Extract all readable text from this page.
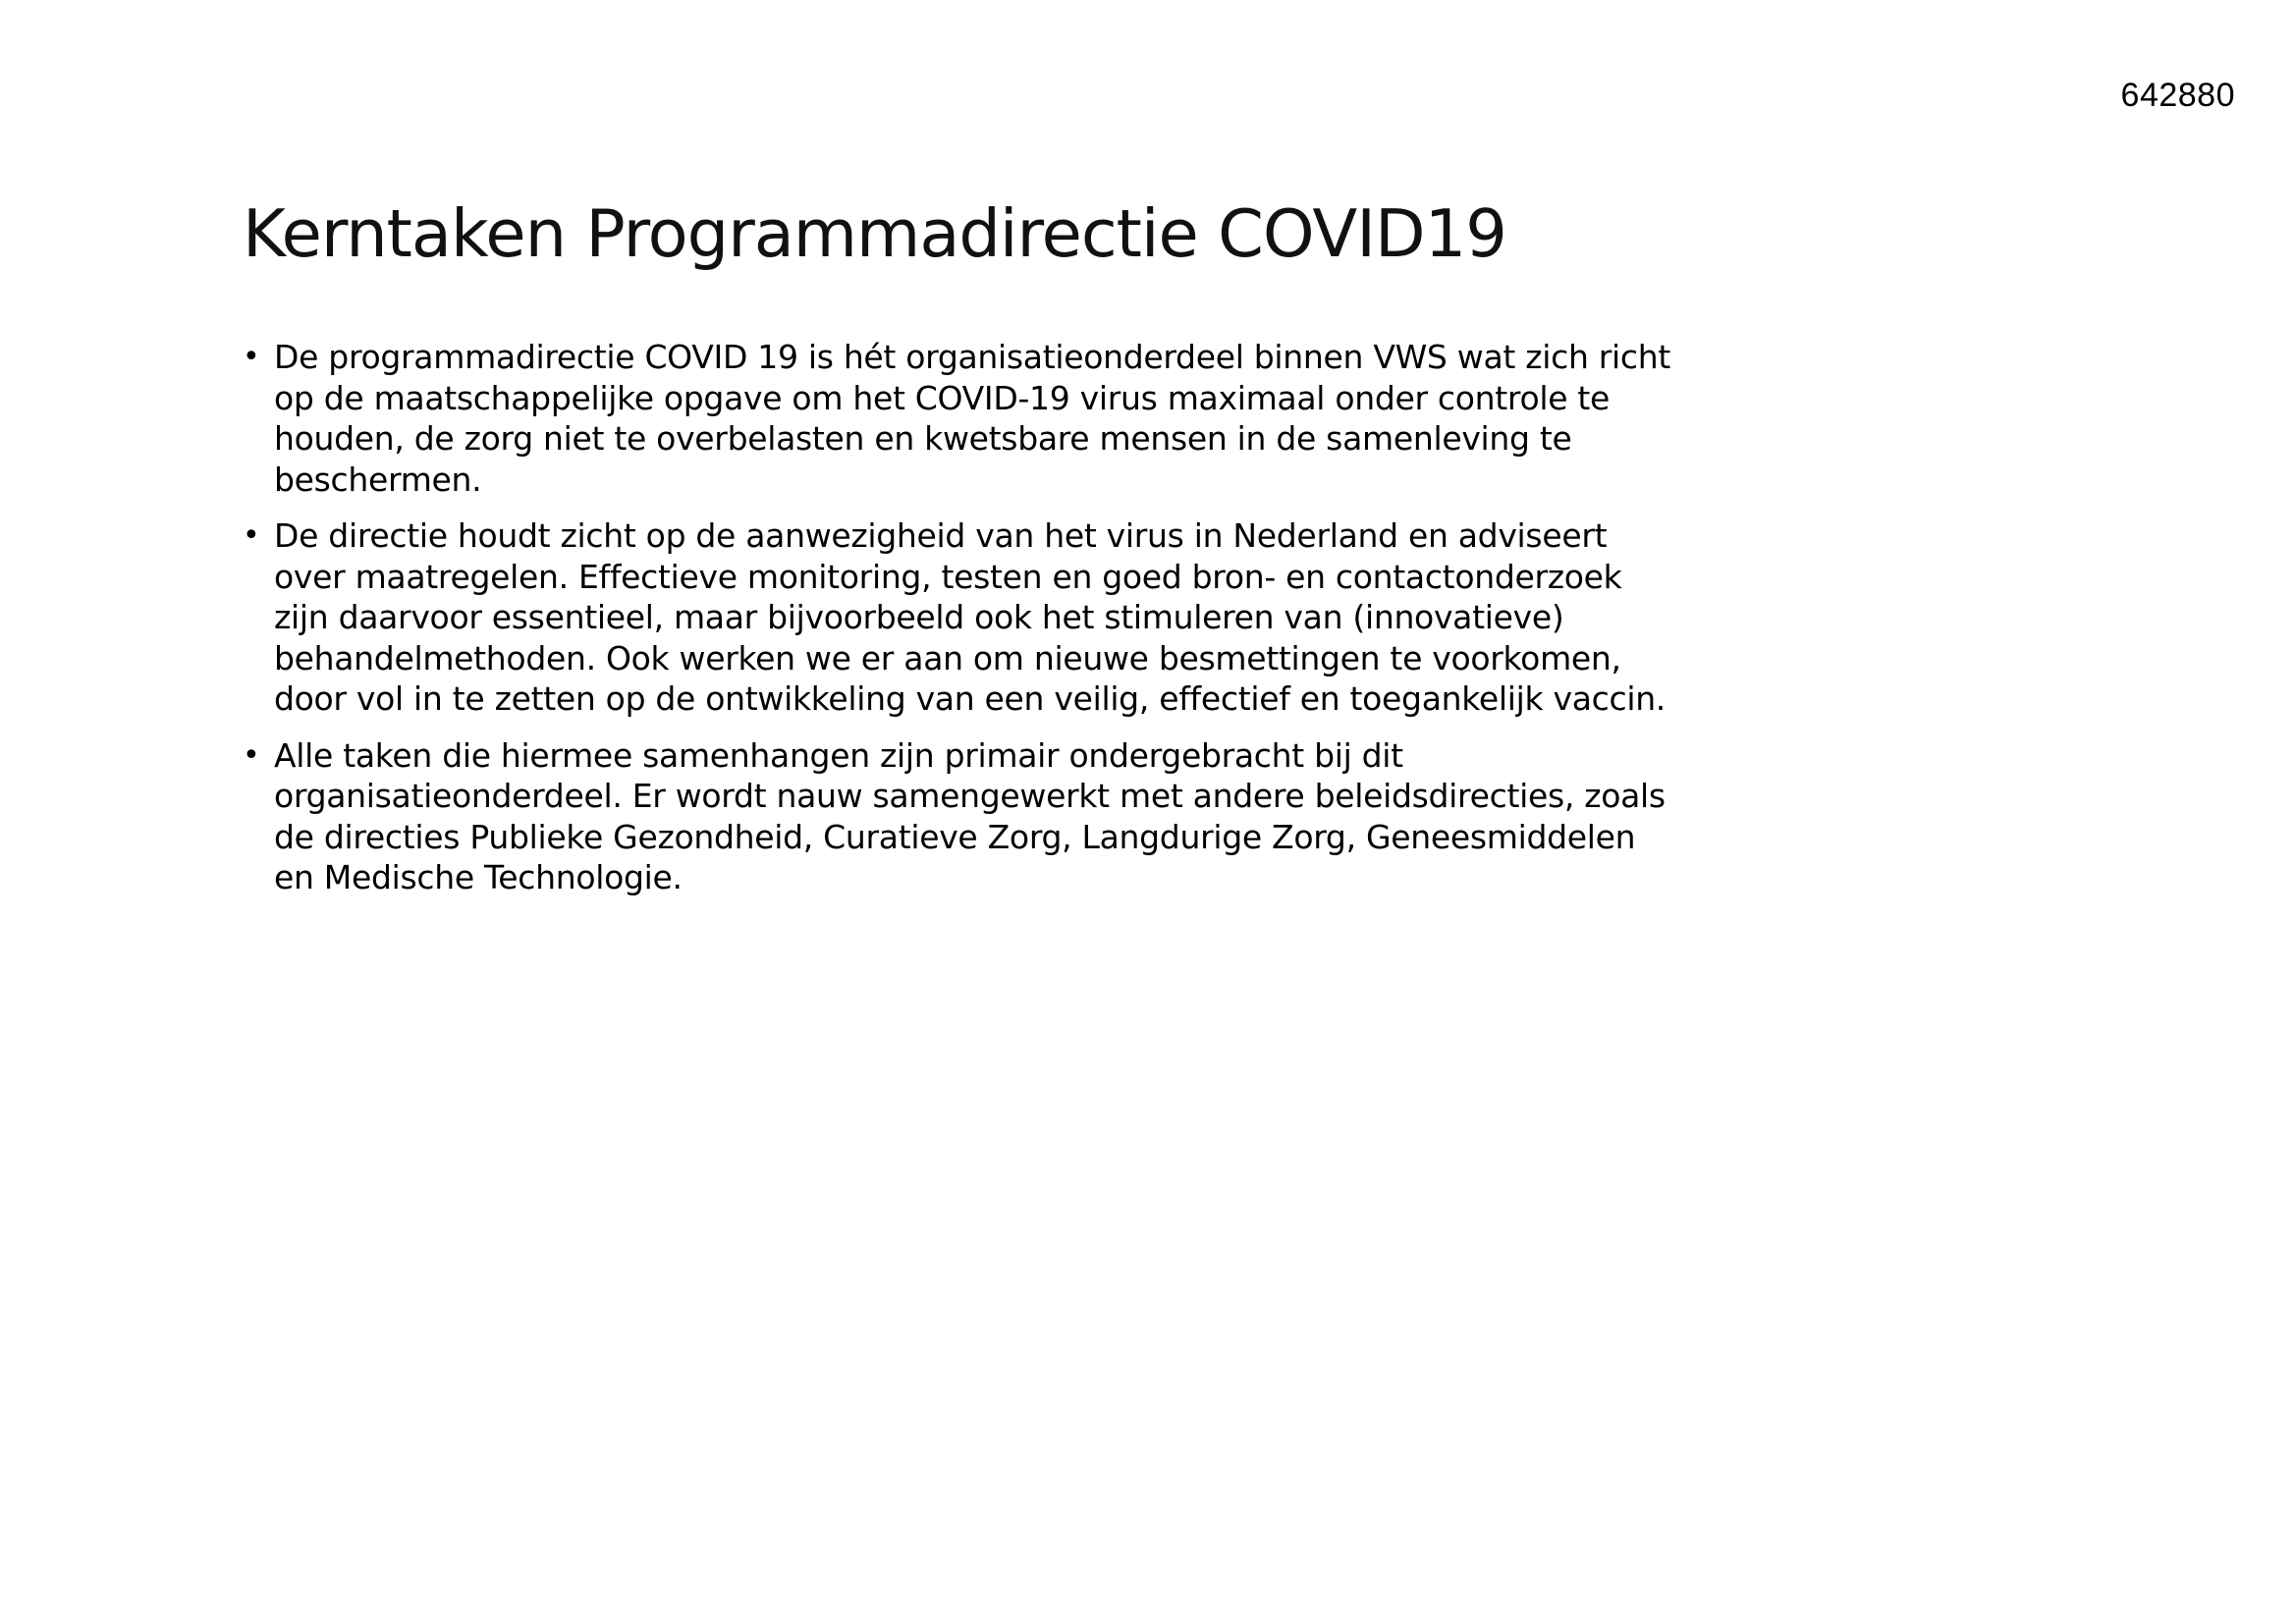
642880
Kerntaken Programmadirectie COVID19
• De programmadirectie COVID 19 is hét organisatieonderdeel binnen VWS wat zich richt op de maatschappelijke opgave om het COVID-19 virus maximaal onder controle te houden, de zorg niet te overbelasten en kwetsbare mensen in de samenleving te beschermen.
• De directie houdt zicht op de aanwezigheid van het virus in Nederland en adviseert over maatregelen. Effectieve monitoring, testen en goed bron- en contactonderzoek zijn daarvoor essentieel, maar bijvoorbeeld ook het stimuleren van (innovatieve) behandelmethoden. Ook werken we er aan om nieuwe besmettingen te voorkomen, door vol in te zetten op de ontwikkeling van een veilig, effectief en toegankelijk vaccin.
• Alle taken die hiermee samenhangen zijn primair ondergebracht bij dit organisatieonderdeel. Er wordt nauw samengewerkt met andere beleidsdirecties, zoals de directies Publieke Gezondheid, Curatieve Zorg, Langdurige Zorg, Geneesmiddelen en Medische Technologie.
